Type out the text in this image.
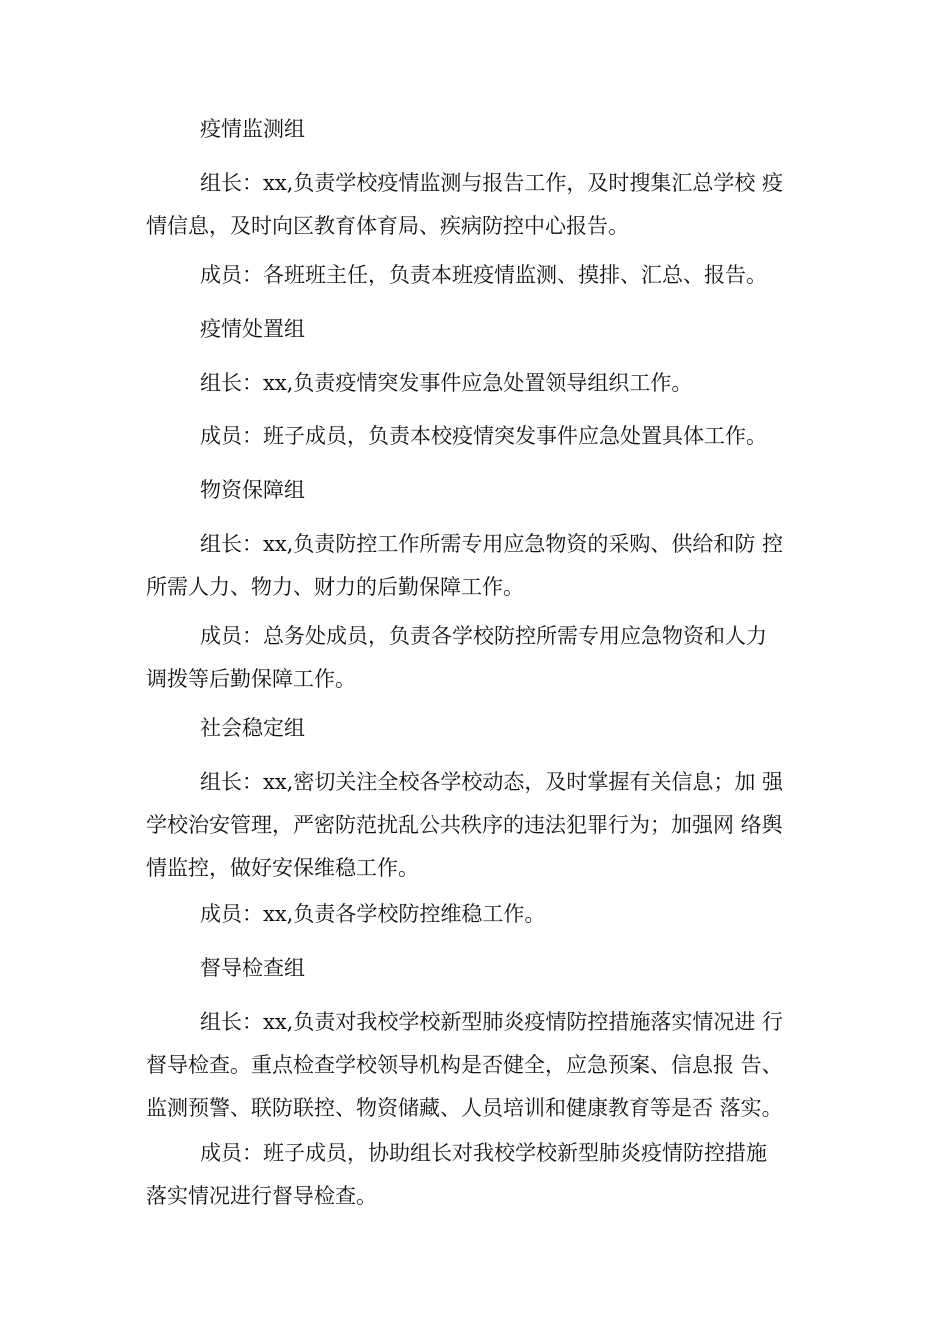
疫情监测组

组长：xx,负责学校疫情监测与报告工作，及时搜集汇总学校 疫
情信息，及时向区教育体育局、疾病防控中心报告。

成员：各班班主任，负责本班疫情监测、摸排、汇总、报告。

疫情处置组

组长：xx,负责疫情突发事件应急处置领导组织工作。

成员：班子成员，负责本校疫情突发事件应急处置具体工作。

物资保障组

组长：xx,负责防控工作所需专用应急物资的采购、供给和防 控
所需人力、物力、财力的后勤保障工作。

成员：总务处成员，负责各学校防控所需专用应急物资和人力
调拨等后勤保障工作。

社会稳定组

组长：xx,密切关注全校各学校动态，及时掌握有关信息；加 强
学校治安管理，严密防范扰乱公共秩序的违法犯罪行为；加强网 络舆
情监控，做好安保维稳工作。

成员：xx,负责各学校防控维稳工作。

督导检查组

组长：xx,负责对我校学校新型肺炎疫情防控措施落实情况进 行
督导检查。重点检查学校领导机构是否健全，应急预案、信息报 告、
监测预警、联防联控、物资储藏、人员培训和健康教育等是否 落实。

成员：班子成员，协助组长对我校学校新型肺炎疫情防控措施
落实情况进行督导检查。
